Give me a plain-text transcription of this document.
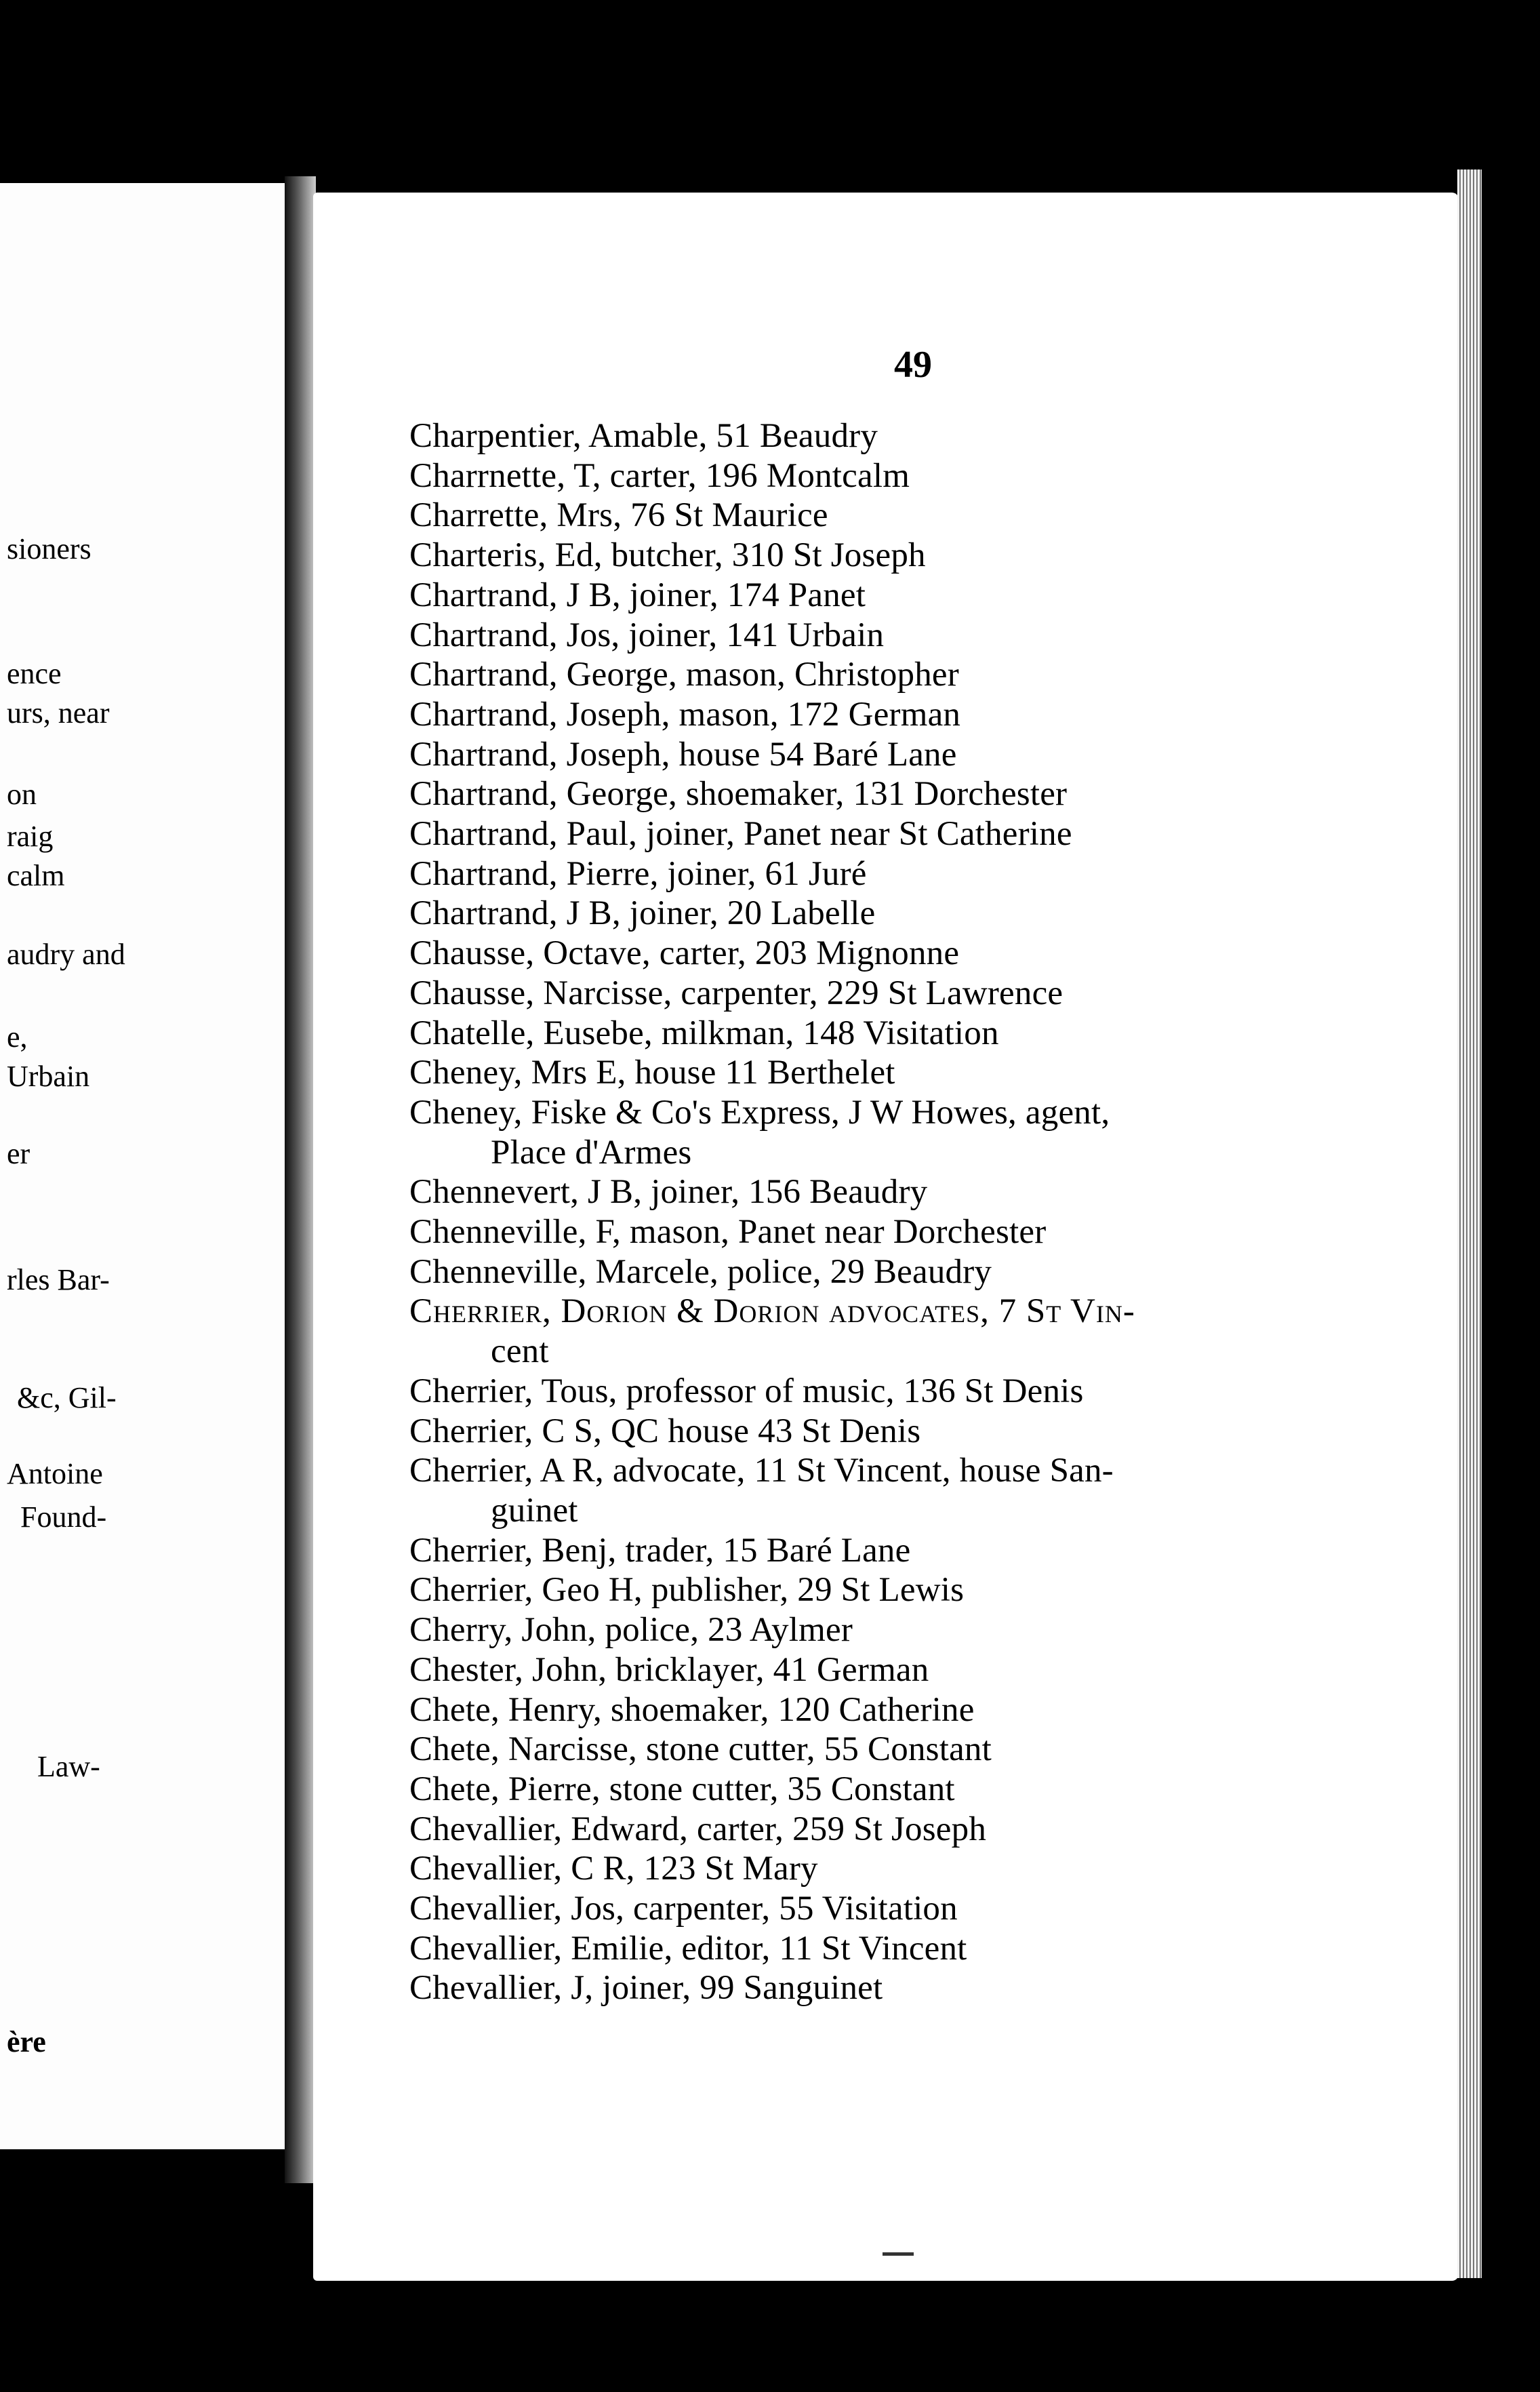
sioners
ence
urs, near
on
raig
calm
audry and
e,
Urbain
er
rles Bar-
&c, Gil-
Antoine
Found-
Law-
ère
49
Charpentier, Amable, 51 Beaudry
Charrnette, T, carter, 196 Montcalm
Charrette, Mrs, 76 St Maurice
Charteris, Ed, butcher, 310 St Joseph
Chartrand, J B, joiner, 174 Panet
Chartrand, Jos, joiner, 141 Urbain
Chartrand, George, mason, Christopher
Chartrand, Joseph, mason, 172 German
Chartrand, Joseph, house 54 Baré Lane
Chartrand, George, shoemaker, 131 Dorchester
Chartrand, Paul, joiner, Panet near St Catherine
Chartrand, Pierre, joiner, 61 Juré
Chartrand, J B, joiner, 20 Labelle
Chausse, Octave, carter, 203 Mignonne
Chausse, Narcisse, carpenter, 229 St Lawrence
Chatelle, Eusebe, milkman, 148 Visitation
Cheney, Mrs E, house 11 Berthelet
Cheney, Fiske & Co's Express, J W Howes, agent,
Place d'Armes
Chennevert, J B, joiner, 156 Beaudry
Chenneville, F, mason, Panet near Dorchester
Chenneville, Marcele, police, 29 Beaudry
Cherrier, Dorion & Dorion advocates, 7 St Vin-
cent
Cherrier, Tous, professor of music, 136 St Denis
Cherrier, C S, QC house 43 St Denis
Cherrier, A R, advocate, 11 St Vincent, house San-
guinet
Cherrier, Benj, trader, 15 Baré Lane
Cherrier, Geo H, publisher, 29 St Lewis
Cherry, John, police, 23 Aylmer
Chester, John, bricklayer, 41 German
Chete, Henry, shoemaker, 120 Catherine
Chete, Narcisse, stone cutter, 55 Constant
Chete, Pierre, stone cutter, 35 Constant
Chevallier, Edward, carter, 259 St Joseph
Chevallier, C R, 123 St Mary
Chevallier, Jos, carpenter, 55 Visitation
Chevallier, Emilie, editor, 11 St Vincent
Chevallier, J, joiner, 99 Sanguinet
